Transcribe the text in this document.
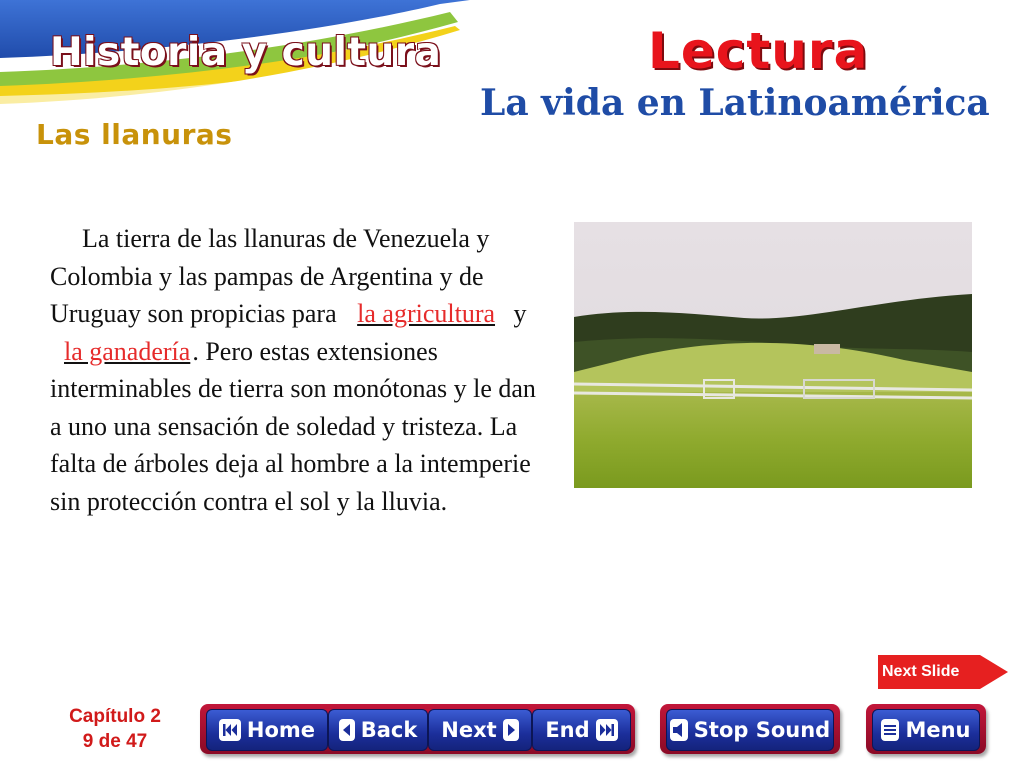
Historia y cultura
Las llanuras
Lectura
La vida en Latinoamérica
La tierra de las llanuras de Venezuela y Colombia y las pampas de Argentina y de Uruguay son propicias para la agricultura y la ganadería. Pero estas extensiones interminables de tierra son monótonas y le dan a uno una sensación de soledad y tristeza. La falta de árboles deja al hombre a la intemperie sin protección contra el sol y la lluvia.
Next Slide
Capítulo 2
9 de 47	Home Back Next End	Stop Sound	Menu
